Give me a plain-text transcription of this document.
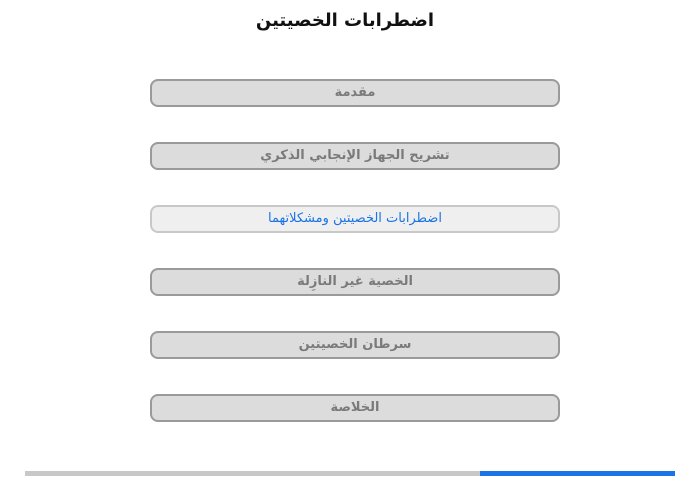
اضطرابات الخصيتين
مقدمة
تشريح الجهاز الإنجابي الذكري
اضطرابات الخصيتين ومشكلاتهما
الخصية غير النازِلة
سرطان الخصيتين
الخلاصة
